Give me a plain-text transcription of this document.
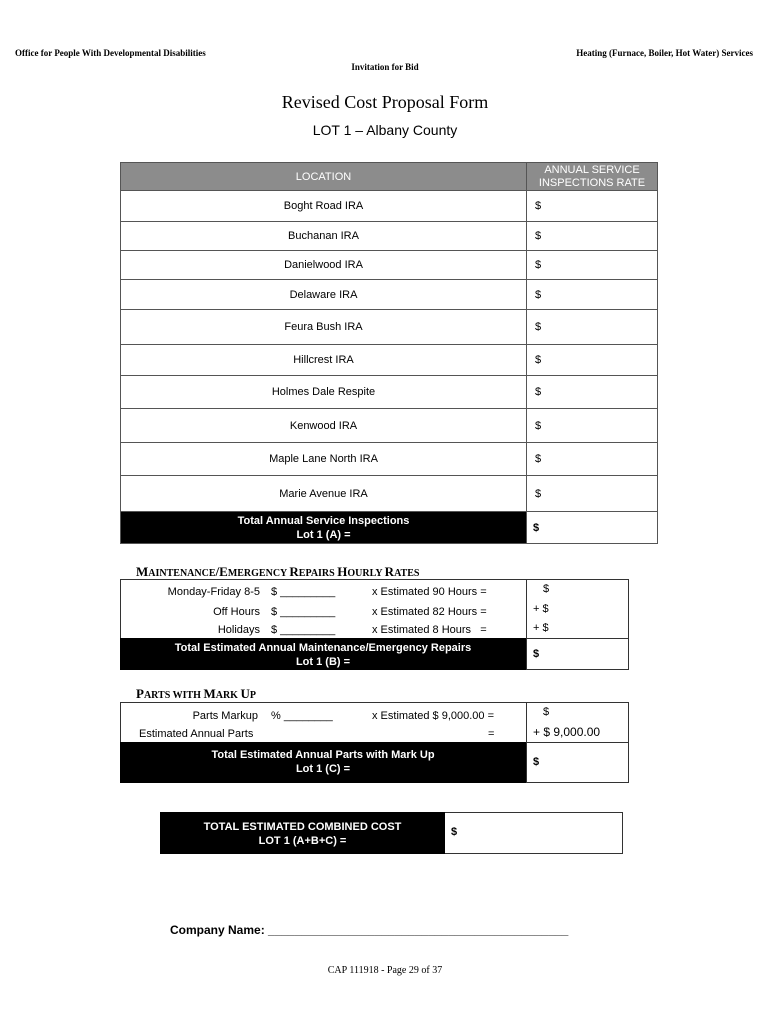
Office for People With Developmental Disabilities
Invitation for Bid
Heating (Furnace, Boiler, Hot Water) Services
Revised Cost Proposal Form
LOT 1 – Albany County
LOCATION	ANNUAL SERVICE INSPECTIONS RATE
Boght Road IRA	$
Buchanan IRA	$
Danielwood IRA	$
Delaware IRA	$
Feura Bush IRA	$
Hillcrest IRA	$
Holmes Dale Respite	$
Kenwood IRA	$
Maple Lane North IRA	$
Marie Avenue IRA	$

Total Annual Service Inspections
Lot 1 (A) =	$
MAINTENANCE/EMERGENCY REPAIRS HOURLY RATES
Monday-Friday 8-5 $ _________	x Estimated 90 Hours =	$
Off Hours $ _________	x Estimated 82 Hours =	+ $
Holidays $ _________	x Estimated 8 Hours   =	+ $
Total Estimated Annual Maintenance/Emergency Repairs
Lot 1 (B) =
$
PARTS WITH MARK UP
Parts Markup % ________	x Estimated $ 9,000.00 =	$
Estimated Annual Parts	=	+ $ 9,000.00
Total Estimated Annual Parts with Mark Up
Lot 1 (C) =
$
TOTAL ESTIMATED COMBINED COST
LOT 1 (A+B+C) =
$
Company Name: _____________________________________________
CAP 111918 - Page 29 of 37
